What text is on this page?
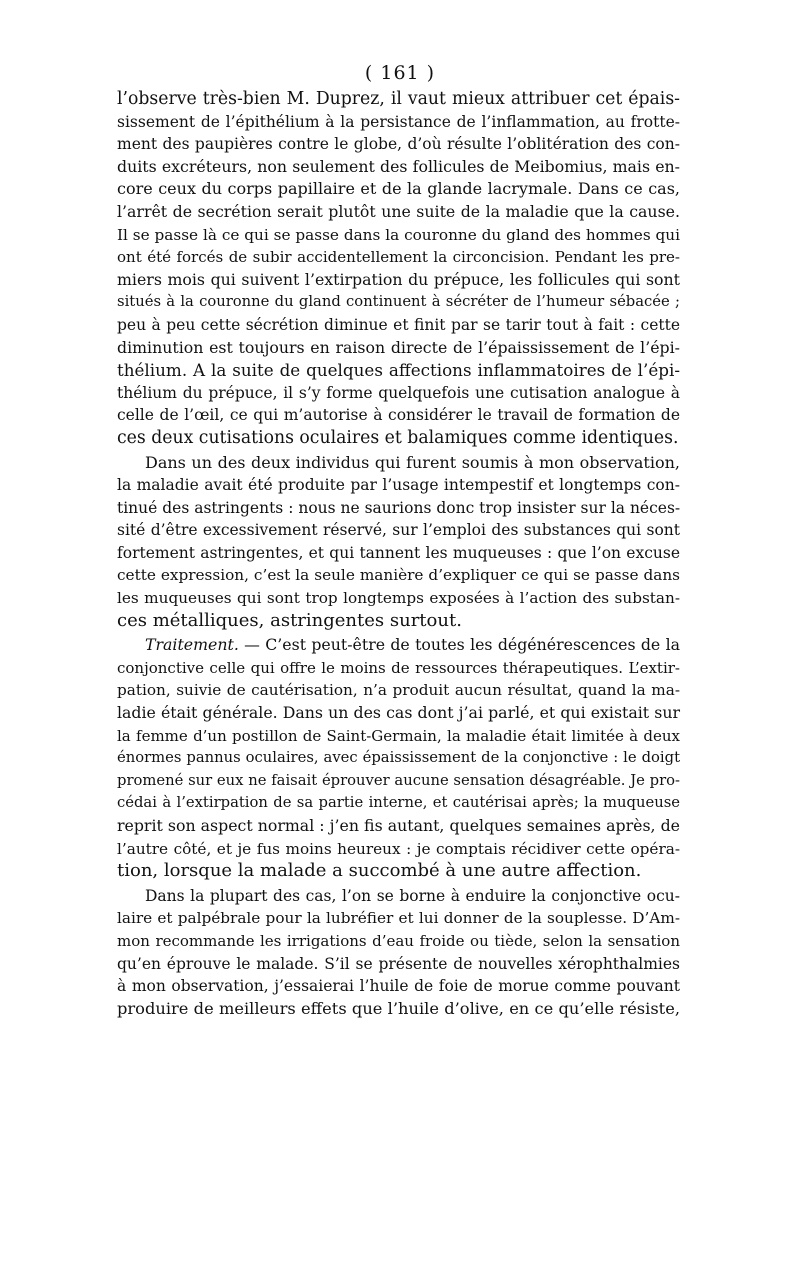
( 161 )
l’observe très-bien M. Duprez, il vaut mieux attribuer cet épais-
sissement de l’épithélium à la persistance de l’inflammation, au frotte-
ment des paupières contre le globe, d’où résulte l’oblitération des con-
duits excréteurs, non seulement des follicules de Meibomius, mais en-
core ceux du corps papillaire et de la glande lacrymale. Dans ce cas,
l’arrêt de secrétion serait plutôt une suite de la maladie que la cause.
Il se passe là ce qui se passe dans la couronne du gland des hommes qui
ont été forcés de subir accidentellement la circoncision. Pendant les pre-
miers mois qui suivent l’extirpation du prépuce, les follicules qui sont
situés à la couronne du gland continuent à sécréter de l’humeur sébacée ;
peu à peu cette sécrétion diminue et finit par se tarir tout à fait : cette
diminution est toujours en raison directe de l’épaississement de l’épi-
thélium. A la suite de quelques affections inflammatoires de l’épi-
thélium du prépuce, il s’y forme quelquefois une cutisation analogue à
celle de l’œil, ce qui m’autorise à considérer le travail de formation de
ces deux cutisations oculaires et balamiques comme identiques.
Dans un des deux individus qui furent soumis à mon observation,
la maladie avait été produite par l’usage intempestif et longtemps con-
tinué des astringents : nous ne saurions donc trop insister sur la néces-
sité d’être excessivement réservé, sur l’emploi des substances qui sont
fortement astringentes, et qui tannent les muqueuses : que l’on excuse
cette expression, c’est la seule manière d’expliquer ce qui se passe dans
les muqueuses qui sont trop longtemps exposées à l’action des substan-
ces métalliques, astringentes surtout.
Traitement. — C’est peut-être de toutes les dégénérescences de la
conjonctive celle qui offre le moins de ressources thérapeutiques. L’extir-
pation, suivie de cautérisation, n’a produit aucun résultat, quand la ma-
ladie était générale. Dans un des cas dont j’ai parlé, et qui existait sur
la femme d’un postillon de Saint-Germain, la maladie était limitée à deux
énormes pannus oculaires, avec épaississement de la conjonctive : le doigt
promené sur eux ne faisait éprouver aucune sensation désagréable. Je pro-
cédai à l’extirpation de sa partie interne, et cautérisai après; la muqueuse
reprit son aspect normal : j’en fis autant, quelques semaines après, de
l’autre côté, et je fus moins heureux : je comptais récidiver cette opéra-
tion, lorsque la malade a succombé à une autre affection.
Dans la plupart des cas, l’on se borne à enduire la conjonctive ocu-
laire et palpébrale pour la lubréfier et lui donner de la souplesse. D’Am-
mon recommande les irrigations d’eau froide ou tiède, selon la sensation
qu’en éprouve le malade. S’il se présente de nouvelles xérophthalmies
à mon observation, j’essaierai l’huile de foie de morue comme pouvant
produire de meilleurs effets que l’huile d’olive, en ce qu’elle résiste,
